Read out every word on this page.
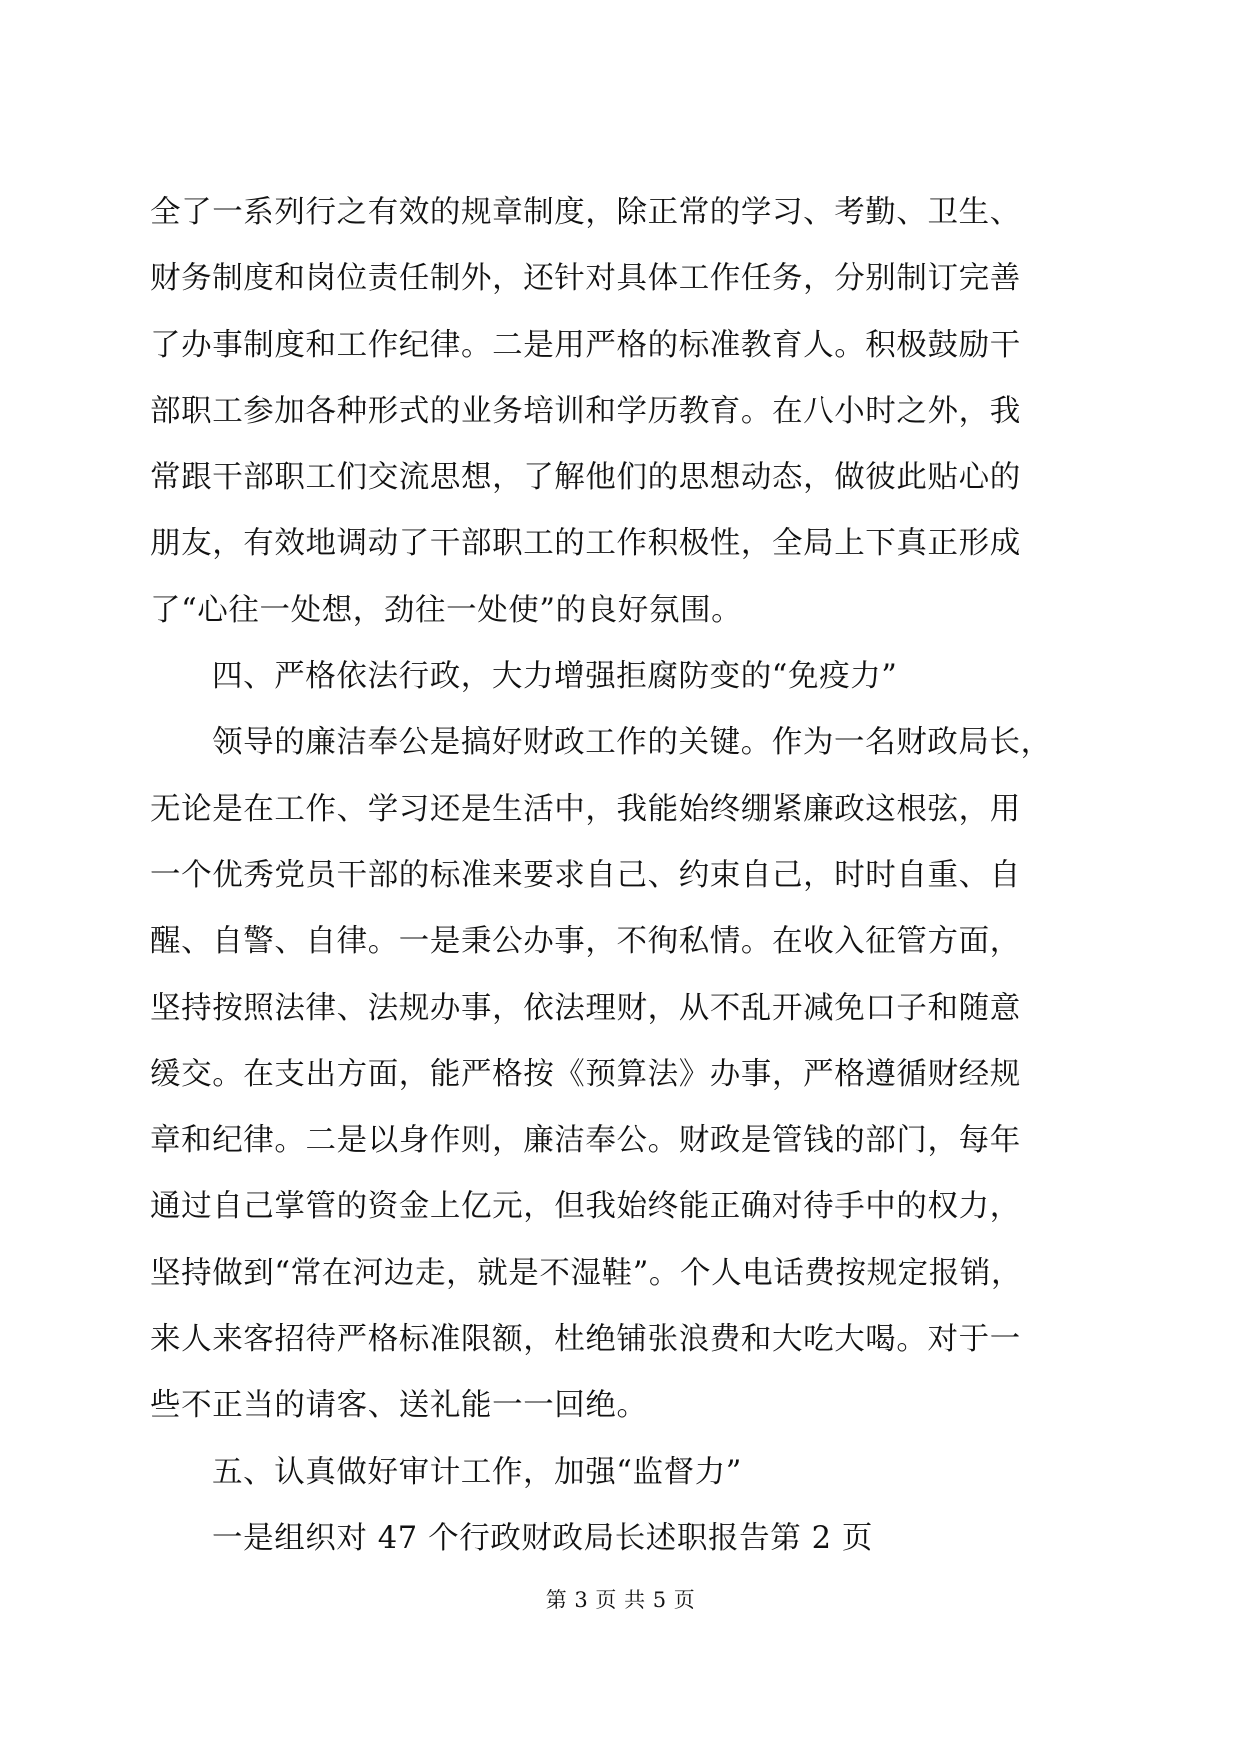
全了一系列行之有效的规章制度，除正常的学习、考勤、卫生、
财务制度和岗位责任制外，还针对具体工作任务，分别制订完善
了办事制度和工作纪律。二是用严格的标准教育人。积极鼓励干
部职工参加各种形式的业务培训和学历教育。在八小时之外，我
常跟干部职工们交流思想，了解他们的思想动态，做彼此贴心的
朋友，有效地调动了干部职工的工作积极性，全局上下真正形成
了“心往一处想，劲往一处使”的良好氛围。
四、严格依法行政，大力增强拒腐防变的“免疫力”
领导的廉洁奉公是搞好财政工作的关键。作为一名财政局长，
无论是在工作、学习还是生活中，我能始终绷紧廉政这根弦，用
一个优秀党员干部的标准来要求自己、约束自己，时时自重、自
醒、自警、自律。一是秉公办事，不徇私情。在收入征管方面，
坚持按照法律、法规办事，依法理财，从不乱开减免口子和随意
缓交。在支出方面，能严格按《预算法》办事，严格遵循财经规
章和纪律。二是以身作则，廉洁奉公。财政是管钱的部门，每年
通过自己掌管的资金上亿元，但我始终能正确对待手中的权力，
坚持做到“常在河边走，就是不湿鞋”。个人电话费按规定报销，
来人来客招待严格标准限额，杜绝铺张浪费和大吃大喝。对于一
些不正当的请客、送礼能一一回绝。
五、认真做好审计工作，加强“监督力”
一是组织对 47 个行政财政局长述职报告第 2 页
第 3 页 共 5 页
